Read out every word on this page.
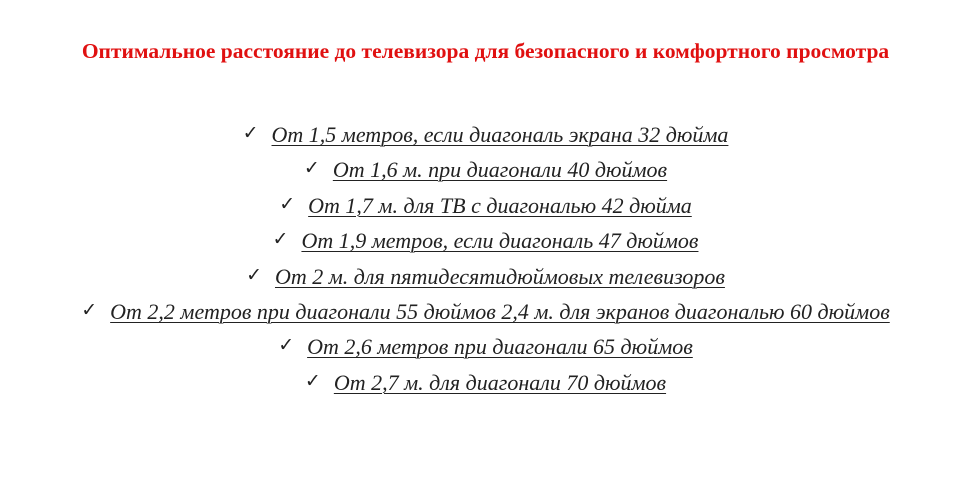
Оптимальное расстояние до телевизора для безопасного и комфортного просмотра
✓ От 1,5 метров, если диагональ экрана 32 дюйма
✓ От 1,6 м. при диагонали 40 дюймов
✓ От 1,7 м. для ТВ с диагональю 42 дюйма
✓ От 1,9 метров, если диагональ 47 дюймов
✓ От 2 м. для пятидесятидюймовых телевизоров
✓ От 2,2 метров при диагонали 55 дюймов 2,4 м. для экранов диагональю 60 дюймов
✓ От 2,6 метров при диагонали 65 дюймов
✓ От 2,7 м. для диагонали 70 дюймов
